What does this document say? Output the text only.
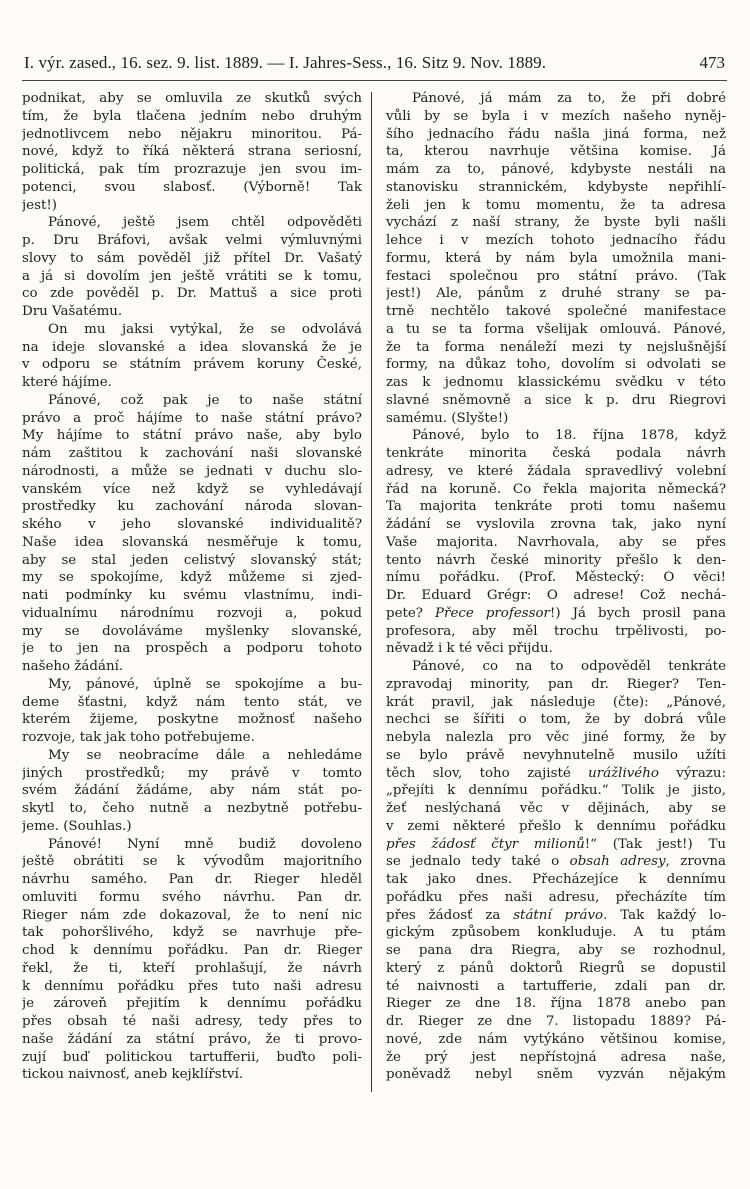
I. výr. zased., 16. sez. 9. list. 1889. — I. Jahres-Sess., 16. Sitz 9. Nov. 1889.	473
podnikat, aby se omluvila ze skutků svých
tím, že byla tlačena jedním nebo druhým
jednotlivcem nebo nějakru minoritou. Pá-
nové, když to říká některá strana seriosní,
politická, pak tím prozrazuje jen svou im-
potenci, svou slabosť. (Výborně! Tak
jest!)
Pánové, ještě jsem chtěl odpověděti
p. Dru Bráfovi, avšak velmi výmluvnými
slovy to sám pověděl již přítel Dr. Vašatý
a já si dovolím jen ještě vrátiti se k tomu,
co zde pověděl p. Dr. Mattuš a sice proti
Dru Vašatému.
On mu jaksi vytýkal, že se odvolává
na ideje slovanské a idea slovanská že je
v odporu se státním právem koruny České,
které hájíme.
Pánové, což pak je to naše státní
právo a proč hájíme to naše státní právo?
My hájíme to státní právo naše, aby bylo
nám zaštitou k zachování naši slovanské
národnosti, a může se jednati v duchu slo-
vanském více než když se vyhledávají
prostředky ku zachování národa slovan-
ského v jeho slovanské individualitě?
Naše idea slovanská nesměřuje k tomu,
aby se stal jeden celistvý slovanský stát;
my se spokojíme, když můžeme si zjed-
nati podmínky ku svému vlastnímu, indi-
vidualnímu národnímu rozvoji a, pokud
my se dovoláváme myšlenky slovanské,
je to jen na prospěch a podporu tohoto
našeho žádání.
My, pánové, úplně se spokojíme a bu-
deme šťastni, když nám tento stát, ve
kterém žijeme, poskytne možnosť našeho
rozvoje, tak jak toho potřebujeme.
My se neobracíme dále a nehledáme
jiných prostředků; my právě v tomto
svém žádání žádáme, aby nám stát po-
skytl to, čeho nutně a nezbytně potřebu-
jeme. (Souhlas.)
Pánové! Nyní mně budiž dovoleno
ještě obrátiti se k vývodům majoritního
návrhu samého. Pan dr. Rieger hleděl
omluviti formu svého návrhu. Pan dr.
Rieger nám zde dokazoval, že to není nic
tak pohoršlivého, když se navrhuje pře-
chod k dennímu pořádku. Pan dr. Rieger
řekl, že ti, kteří prohlašují, že návrh
k dennímu pořádku přes tuto naši adresu
je zároveň přejitím k dennímu pořádku
přes obsah té naši adresy, tedy přes to
naše žádání za státní právo, že ti provo-
zují buď politickou tartufferii, buďto poli-
tickou naivnosť, aneb kejklířství.
Pánové, já mám za to, že při dobré
vůli by se byla i v mezích našeho nyněj-
šího jednacího řádu našla jiná forma, než
ta, kterou navrhuje většina komise. Já
mám za to, pánové, kdybyste nestáli na
stanovisku strannickém, kdybyste nepřihlí-
želi jen k tomu momentu, že ta adresa
vychází z naší strany, že byste byli našli
lehce i v mezích tohoto jednacího řádu
formu, která by nám byla umožnila mani-
festaci společnou pro státní právo. (Tak
jest!) Ale, pánům z druhé strany se pa-
trně nechtělo takové společné manifestace
a tu se ta forma všelijak omlouvá. Pánové,
že ta forma nenáleží mezi ty nejslušnější
formy, na důkaz toho, dovolím si odvolati se
zas k jednomu klassickému svědku v této
slavné sněmovně a sice k p. dru Riegrovi
samému. (Slyšte!)
Pánové, bylo to 18. října 1878, když
tenkráte minorita česká podala návrh
adresy, ve které žádala spravedlivý volební
řád na koruně. Co řekla majorita německá?
Ta majorita tenkráte proti tomu našemu
žádání se vyslovila zrovna tak, jako nyní
Vaše majorita. Navrhovala, aby se přes
tento návrh české minority přešlo k den-
nímu pořádku. (Prof. Městecký: O věci!
Dr. Eduard Grégr: O adrese! Což nechá-
pete? Přece professor!) Já bych prosil pana
profesora, aby měl trochu trpělivosti, po-
něvadž i k té věci přijdu.
Pánové, co na to odpověděl tenkráte
zpravodaj minority, pan dr. Rieger? Ten-
krát pravil, jak následuje (čte): „Pánové,
nechci se šířiti o tom, že by dobrá vůle
nebyla nalezla pro věc jiné formy, že by
se bylo právě nevyhnutelně musilo užíti
těch slov, toho zajisté urážlivého výrazu:
„přejíti k dennímu pořádku.“ Tolik je jisto,
žeť neslýchaná věc v dějinách, aby se
v zemi některé přešlo k dennímu pořádku
přes žádosť čtyr milionů!“ (Tak jest!) Tu
se jednalo tedy také o obsah adresy, zrovna
tak jako dnes. Přecházejíce k dennímu
pořádku přes naši adresu, přecházíte tím
přes žádosť za státní právo. Tak každý lo-
gickým způsobem konkluduje. A tu ptám
se pana dra Riegra, aby se rozhodnul,
který z pánů doktorů Riegrů se dopustil
té naivnosti a tartufferie, zdali pan dr.
Rieger ze dne 18. října 1878 anebo pan
dr. Rieger ze dne 7. listopadu 1889? Pá-
nové, zde nám vytýkáno většinou komise,
že prý jest nepřístojná adresa naše,
poněvadž nebyl sněm vyzván nějakým
